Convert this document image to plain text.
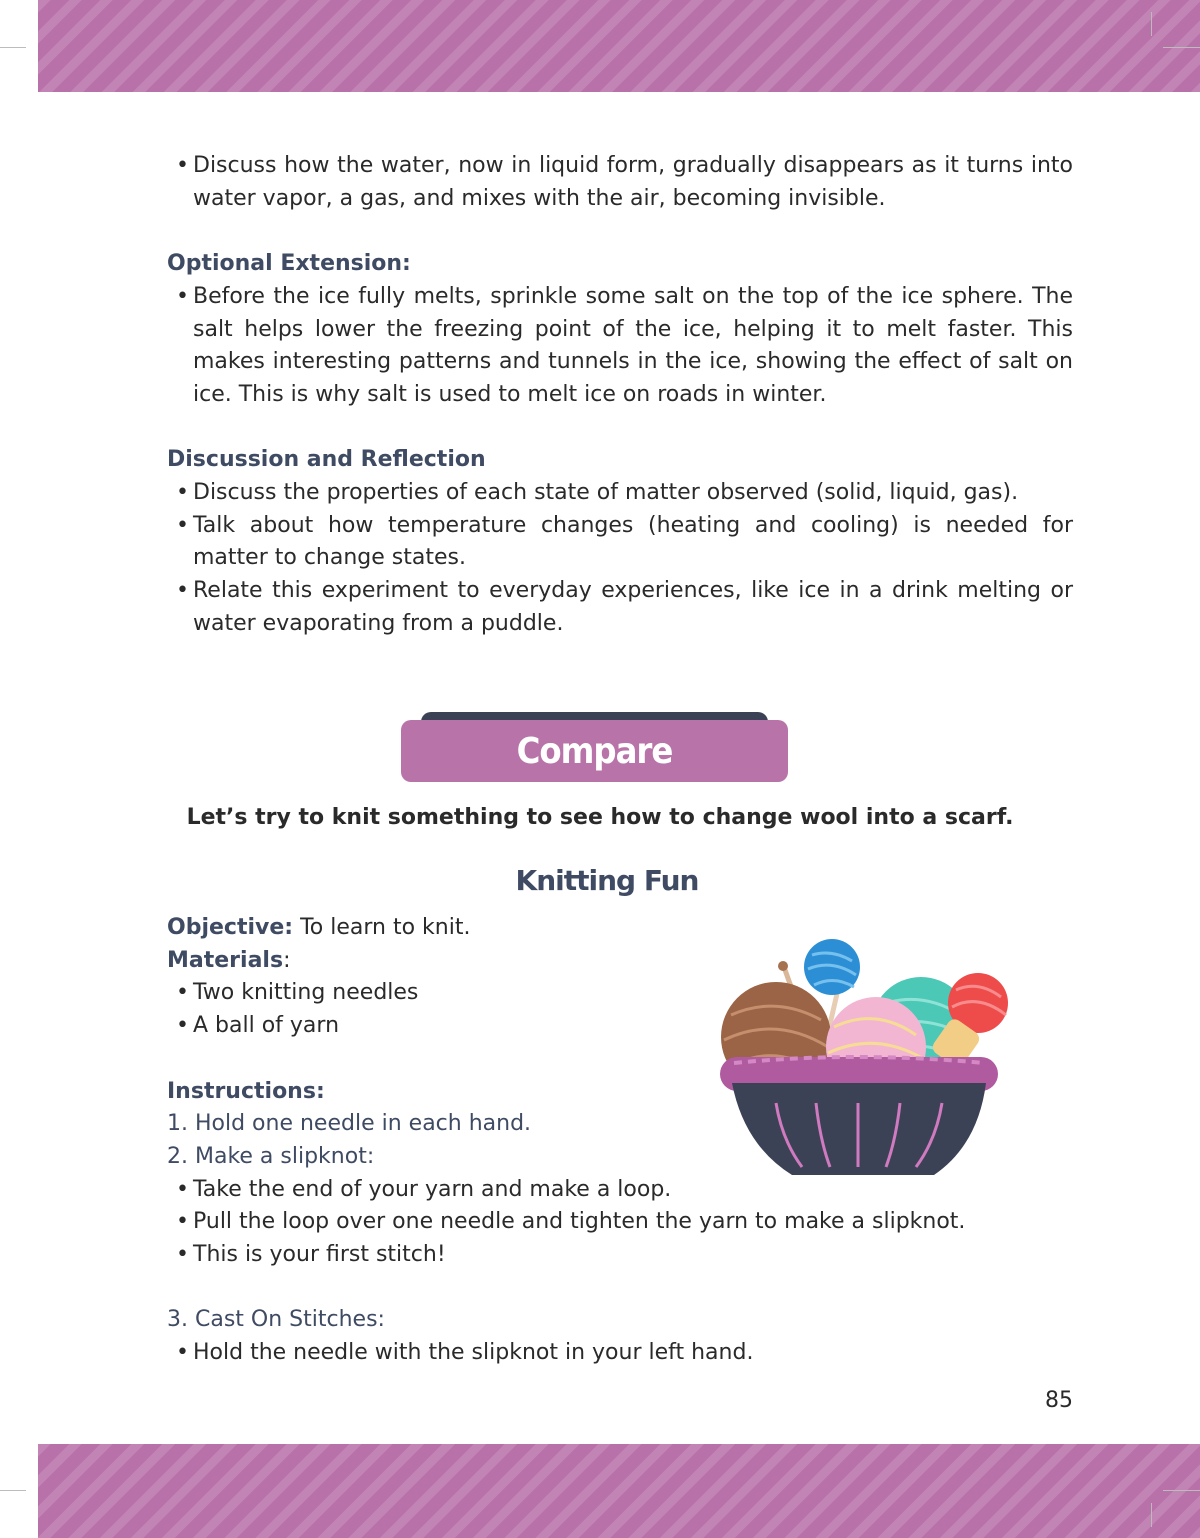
• Discuss how the water, now in liquid form, gradually disappears as it turns into water vapor, a gas, and mixes with the air, becoming invisible.
Optional Extension:
• Before the ice fully melts, sprinkle some salt on the top of the ice sphere. The salt helps lower the freezing point of the ice, helping it to melt faster. This makes interesting patterns and tunnels in the ice, showing the effect of salt on ice. This is why salt is used to melt ice on roads in winter.
Discussion and Reflection
• Discuss the properties of each state of matter observed (solid, liquid, gas).
• Talk about how temperature changes (heating and cooling) is needed for matter to change states.
• Relate this experiment to everyday experiences, like ice in a drink melting or water evaporating from a puddle.
Compare
Let’s try to knit something to see how to change wool into a scarf.
Knitting Fun

Objective: To learn to knit.

Materials:

• Two knitting needles
• A ball of yarn
Instructions:

1. Hold one needle in each hand.

2. Make a slipknot:

• Take the end of your yarn and make a loop.
• Pull the loop over one needle and tighten the yarn to make a slipknot.
• This is your first stitch!

3. Cast On Stitches:

• Hold the needle with the slipknot in your left hand.
85
